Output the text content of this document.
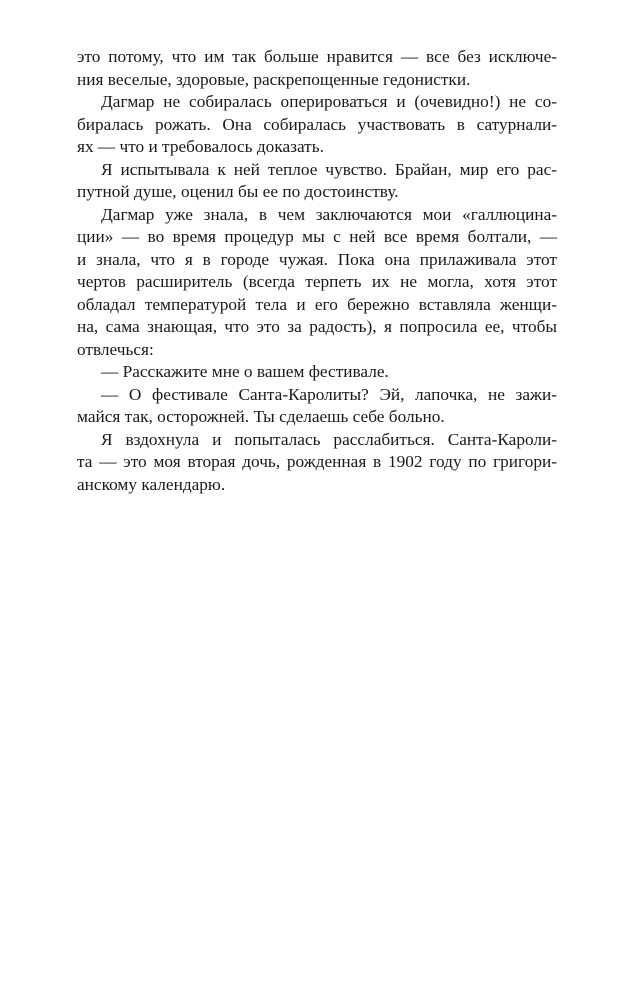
это потому, что им так больше нравится — все без исключе-
ния веселые, здоровые, раскрепощенные гедонистки.
Дагмар не собиралась оперироваться и (очевидно!) не со-
биралась рожать. Она собиралась участвовать в сатурнали-
ях — что и требовалось доказать.
Я испытывала к ней теплое чувство. Брайан, мир его рас-
путной душе, оценил бы ее по достоинству.
Дагмар уже знала, в чем заключаются мои «галлюцина-
ции» — во время процедур мы с ней все время болтали, —
и знала, что я в городе чужая. Пока она прилаживала этот
чертов расширитель (всегда терпеть их не могла, хотя этот
обладал температурой тела и его бережно вставляла женщи-
на, сама знающая, что это за радость), я попросила ее, чтобы
отвлечься:
— Расскажите мне о вашем фестивале.
— О фестивале Санта-Каролиты? Эй, лапочка, не зажи-
майся так, осторожней. Ты сделаешь себе больно.
Я вздохнула и попыталась расслабиться. Санта-Кароли-
та — это моя вторая дочь, рожденная в 1902 году по григори-
анскому календарю.
